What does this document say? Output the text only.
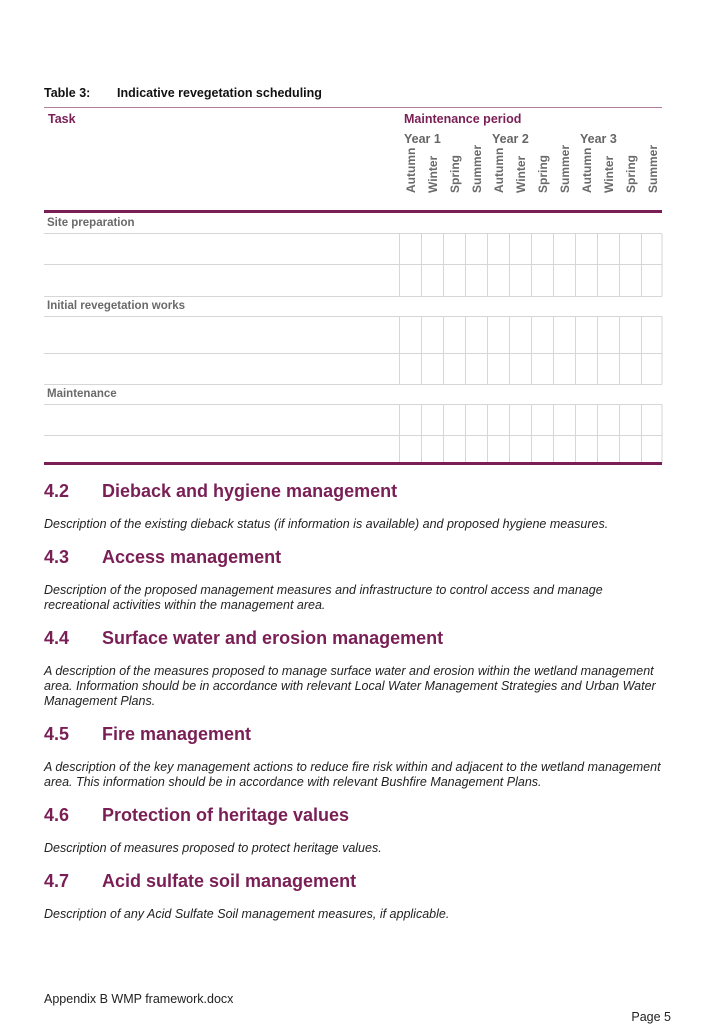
Table 3: Indicative revegetation scheduling
Task	Maintenance period
Year 1	Year 2	Year 3
Autumn Winter Spring Summer Autumn Winter Spring Summer Autumn Winter Spring Summer
Site preparation
Initial revegetation works
Maintenance
4.2 Dieback and hygiene management
Description of the existing dieback status (if information is available) and proposed hygiene measures.
4.3 Access management
Description of the proposed management measures and infrastructure to control access and manage recreational activities within the management area.
4.4 Surface water and erosion management
A description of the measures proposed to manage surface water and erosion within the wetland management area. Information should be in accordance with relevant Local Water Management Strategies and Urban Water Management Plans.
4.5 Fire management
A description of the key management actions to reduce fire risk within and adjacent to the wetland management area. This information should be in accordance with relevant Bushfire Management Plans.
4.6 Protection of heritage values
Description of measures proposed to protect heritage values.
4.7 Acid sulfate soil management
Description of any Acid Sulfate Soil management measures, if applicable.
Appendix B WMP framework.docx
Page 5
